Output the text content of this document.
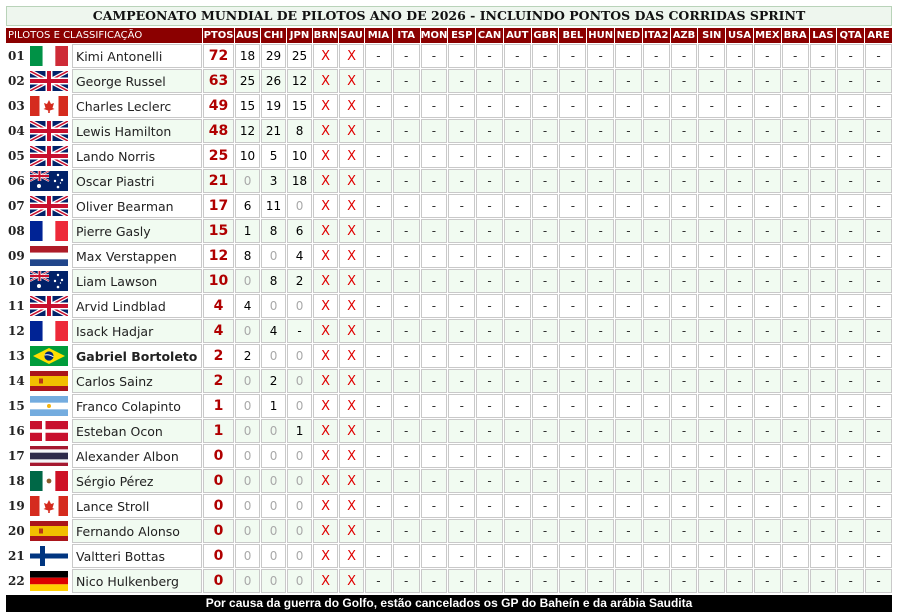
CAMPEONATO MUNDIAL DE PILOTOS ANO DE 2026 - INCLUINDO PONTOS DAS CORRIDAS SPRINT
PILOTOS E CLASSIFICAÇÃO			PTOS	AUS	CHI	JPN	BRN	SAU	MIA	ITA	MON	ESP	CAN	AUT	GBR	BEL	HUN	NED	ITA2	AZB	SIN	USA	MEX	BRA	LAS	QTA	ARE
01		Kimi Antonelli	72	18	29	25	X	X	-	-	-	-	-	-	-	-	-	-	-	-	-	-	-	-	-	-	-
02		George Russel	63	25	26	12	X	X	-	-	-	-	-	-	-	-	-	-	-	-	-	-	-	-	-	-	-
03		Charles Leclerc	49	15	19	15	X	X	-	-	-	-	-	-	-	-	-	-	-	-	-	-	-	-	-	-	-
04		Lewis Hamilton	48	12	21	8	X	X	-	-	-	-	-	-	-	-	-	-	-	-	-	-	-	-	-	-	-
05		Lando Norris	25	10	5	10	X	X	-	-	-	-	-	-	-	-	-	-	-	-	-	-	-	-	-	-	-
06		Oscar Piastri	21	0	3	18	X	X	-	-	-	-	-	-	-	-	-	-	-	-	-	-	-	-	-	-	-
07		Oliver Bearman	17	6	11	0	X	X	-	-	-	-	-	-	-	-	-	-	-	-	-	-	-	-	-	-	-
08		Pierre Gasly	15	1	8	6	X	X	-	-	-	-	-	-	-	-	-	-	-	-	-	-	-	-	-	-	-
09		Max Verstappen	12	8	0	4	X	X	-	-	-	-	-	-	-	-	-	-	-	-	-	-	-	-	-	-	-
10		Liam Lawson	10	0	8	2	X	X	-	-	-	-	-	-	-	-	-	-	-	-	-	-	-	-	-	-	-
11		Arvid Lindblad	4	4	0	0	X	X	-	-	-	-	-	-	-	-	-	-	-	-	-	-	-	-	-	-	-
12		Isack Hadjar	4	0	4	-	X	X	-	-	-	-	-	-	-	-	-	-	-	-	-	-	-	-	-	-	-
13		Gabriel Bortoleto	2	2	0	0	X	X	-	-	-	-	-	-	-	-	-	-	-	-	-	-	-	-	-	-	-
14		Carlos Sainz	2	0	2	0	X	X	-	-	-	-	-	-	-	-	-	-	-	-	-	-	-	-	-	-	-
15		Franco Colapinto	1	0	1	0	X	X	-	-	-	-	-	-	-	-	-	-	-	-	-	-	-	-	-	-	-
16		Esteban Ocon	1	0	0	1	X	X	-	-	-	-	-	-	-	-	-	-	-	-	-	-	-	-	-	-	-
17		Alexander Albon	0	0	0	0	X	X	-	-	-	-	-	-	-	-	-	-	-	-	-	-	-	-	-	-	-
18		Sérgio Pérez	0	0	0	0	X	X	-	-	-	-	-	-	-	-	-	-	-	-	-	-	-	-	-	-	-
19		Lance Stroll	0	0	0	0	X	X	-	-	-	-	-	-	-	-	-	-	-	-	-	-	-	-	-	-	-
20		Fernando Alonso	0	0	0	0	X	X	-	-	-	-	-	-	-	-	-	-	-	-	-	-	-	-	-	-	-
21		Valtteri Bottas	0	0	0	0	X	X	-	-	-	-	-	-	-	-	-	-	-	-	-	-	-	-	-	-	-
22		Nico Hulkenberg	0	0	0	0	X	X	-	-	-	-	-	-	-	-	-	-	-	-	-	-	-	-	-	-	-
Por causa da guerra do Golfo, estão cancelados os GP do Baheín e da arábia Saudita
